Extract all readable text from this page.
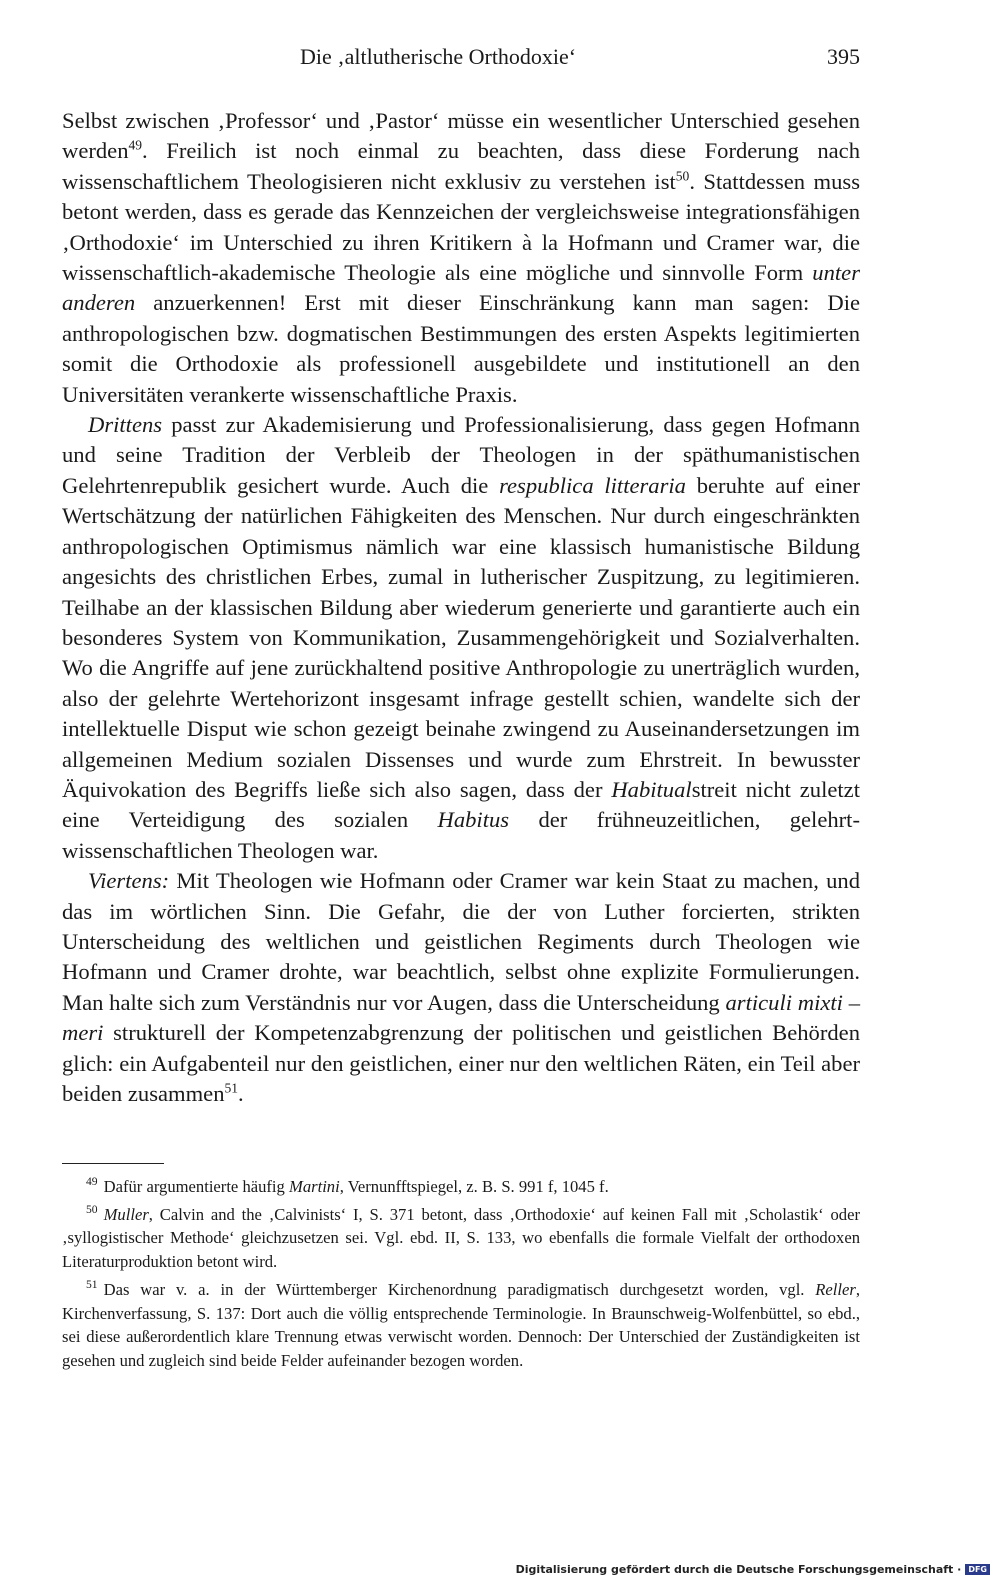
Die ‚altlutherische Orthodoxie‘	395

Selbst zwischen ‚Professor‘ und ‚Pastor‘ müsse ein wesentlicher Unterschied gesehen werden$^{49}$. Freilich ist noch einmal zu beachten, dass diese Forderung nach wissenschaftlichem Theologisieren nicht exklusiv zu verstehen ist$^{50}$. Stattdessen muss betont werden, dass es gerade das Kennzeichen der vergleichsweise integrationsfähigen ‚Orthodoxie‘ im Unterschied zu ihren Kritikern à la Hofmann und Cramer war, die wissenschaftlich-akademische Theologie als eine mögliche und sinnvolle Form unter anderen anzuerkennen! Erst mit dieser Einschränkung kann man sagen: Die anthropologischen bzw. dogmatischen Bestimmungen des ersten Aspekts legitimierten somit die Orthodoxie als professionell ausgebildete und institutionell an den Universitäten verankerte wissenschaftliche Praxis.

Drittens passt zur Akademisierung und Professionalisierung, dass gegen Hofmann und seine Tradition der Verbleib der Theologen in der späthumanistischen Gelehrtenrepublik gesichert wurde. Auch die respublica litteraria beruhte auf einer Wertschätzung der natürlichen Fähigkeiten des Menschen. Nur durch eingeschränkten anthropologischen Optimismus nämlich war eine klassisch humanistische Bildung angesichts des christlichen Erbes, zumal in lutherischer Zuspitzung, zu legitimieren. Teilhabe an der klassischen Bildung aber wiederum generierte und garantierte auch ein besonderes System von Kommunikation, Zusammengehörigkeit und Sozialverhalten. Wo die Angriffe auf jene zurückhaltend positive Anthropologie zu unerträglich wurden, also der gelehrte Wertehorizont insgesamt infrage gestellt schien, wandelte sich der intellektuelle Disput wie schon gezeigt beinahe zwingend zu Auseinandersetzungen im allgemeinen Medium sozialen Dissenses und wurde zum Ehrstreit. In bewusster Äquivokation des Begriffs ließe sich also sagen, dass der Habitualstreit nicht zuletzt eine Verteidigung des sozialen Habitus der frühneuzeitlichen, gelehrt-wissenschaftlichen Theologen war.

Viertens: Mit Theologen wie Hofmann oder Cramer war kein Staat zu machen, und das im wörtlichen Sinn. Die Gefahr, die der von Luther forcierten, strikten Unterscheidung des weltlichen und geistlichen Regiments durch Theologen wie Hofmann und Cramer drohte, war beachtlich, selbst ohne explizite Formulierungen. Man halte sich zum Verständnis nur vor Augen, dass die Unterscheidung articuli mixti – meri strukturell der Kompetenzabgrenzung der politischen und geistlichen Behörden glich: ein Aufgabenteil nur den geistlichen, einer nur den weltlichen Räten, ein Teil aber beiden zusammen$^{51}$.

$^{49}$ Dafür argumentierte häufig Martini, Vernunfftspiegel, z. B. S. 991 f, 1045 f.

$^{50}$ Muller, Calvin and the ‚Calvinists‘ I, S. 371 betont, dass ‚Orthodoxie‘ auf keinen Fall mit ‚Scholastik‘ oder ‚syllogistischer Methode‘ gleichzusetzen sei. Vgl. ebd. II, S. 133, wo ebenfalls die formale Vielfalt der orthodoxen Literaturproduktion betont wird.

$^{51}$ Das war v. a. in der Württemberger Kirchenordnung paradigmatisch durchgesetzt worden, vgl. Reller, Kirchenverfassung, S. 137: Dort auch die völlig entsprechende Terminologie. In Braunschweig-Wolfenbüttel, so ebd., sei diese außerordentlich klare Trennung etwas verwischt worden. Dennoch: Der Unterschied der Zuständigkeiten ist gesehen und zugleich sind beide Felder aufeinander bezogen worden.

Digitalisierung gefördert durch die Deutsche Forschungsgemeinschaft · DFG
